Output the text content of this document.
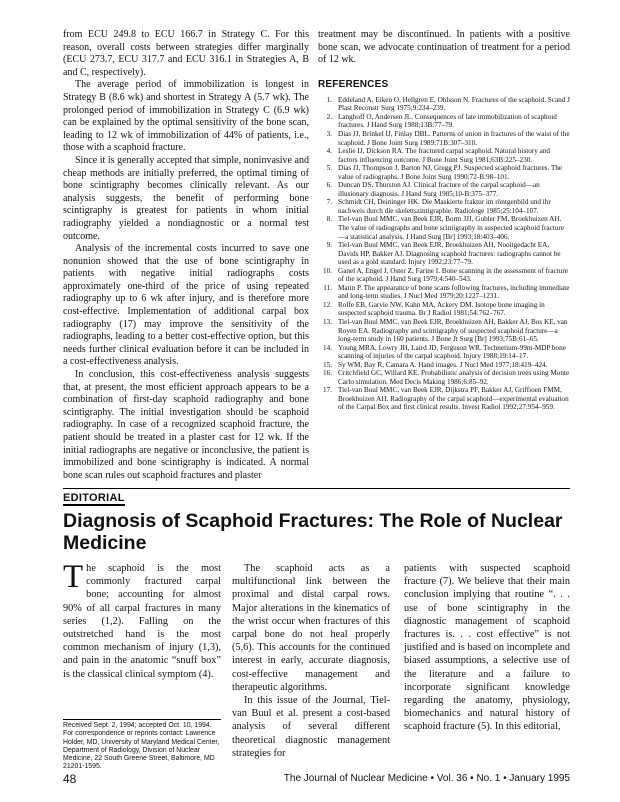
from ECU 249.8 to ECU 166.7 in Strategy C. For this reason, overall costs between strategies differ marginally (ECU 273.7, ECU 317.7 and ECU 316.1 in Strategies A, B and C, respectively).

The average period of immobilization is longest in Strategy B (8.6 wk) and shortest in Strategy A (5.7 wk). The prolonged period of immobilization in Strategy C (6.9 wk) can be explained by the optimal sensitivity of the bone scan, leading to 12 wk of immobilization of 44% of patients, i.e., those with a scaphoid fracture.

Since it is generally accepted that simple, noninvasive and cheap methods are initially preferred, the optimal timing of bone scintigraphy becomes clinically relevant. As our analysis suggests, the benefit of performing bone scintigraphy is greatest for patients in whom initial radiography yielded a nondiagnostic or a normal test outcome.

Analysis of the incremental costs incurred to save one nonunion showed that the use of bone scintigraphy in patients with negative initial radiographs costs approximately one-third of the price of using repeated radiography up to 6 wk after injury, and is therefore more cost-effective. Implementation of additional carpal box radiography (17) may improve the sensitivity of the radiographs, leading to a better cost-effective option, but this needs further clinical evaluation before it can be included in a cost-effectiveness analysis.

In conclusion, this cost-effectiveness analysis suggests that, at present, the most efficient approach appears to be a combination of first-day scaphoid radiography and bone scintigraphy. The initial investigation should be scaphoid radiography. In case of a recognized scaphoid fracture, the patient should be treated in a plaster cast for 12 wk. If the initial radiographs are negative or inconclusive, the patient is immobilized and bone scintigraphy is indicated. A normal bone scan rules out scaphoid fractures and plaster

treatment may be discontinued. In patients with a positive bone scan, we advocate continuation of treatment for a period of 12 wk.

REFERENCES
1. Eddeland A, Eiken O, Hellgren E, Ohlsson N. Fractures of the scaphoid. Scand J Plast Reconstr Surg 1975;9:234–239.
2. Langhoff O, Andersen JL. Consequences of late immobilization of scaphoid fractures. J Hand Surg 1988;13B:77–79.
3. Dias JJ, Brinkel IJ, Finlay DBL. Patterns of union in fractures of the waist of the scaphoid. J Bone Joint Surg 1989;71B:307–310.
4. Leslie IJ, Dickson RA. The fractured carpal scaphoid. Natural history and factors influencing outcome. J Bone Joint Surg 1981;63B:225–230.
5. Dias JJ, Thompson J, Barton NJ, Gregg PJ. Suspected scaphoid fractures. The value of radiographs. J Bone Joint Surg 1990;72-B:98–101.
6. Duncan DS, Thurston AJ. Clinical fracture of the carpal scaphoid—an illusionary diagnosis. J Hand Surg 1985;10-B:375–377.
7. Schmidt CH, Deininger HK. Die Maskierte fraktur im röntgenbild und ihr nachweis durch die skelettszintigraphie. Radiologe 1985;25:104–107.
8. Tiel-van Buul MMC, van Beek EJR, Borm JJJ, Gubler FM, Broekhuizen AH. The value of radiographs and bone scintigraphy in suspected scaphoid fracture—a statistical analysis. J Hand Surg [Br] 1993;18:403–406.
9. Tiel-van Buul MMC, van Beek EJR, Broekhuizen AH, Nooitgedacht EA, Davids HP, Bakker AJ. Diagnosing scaphoid fractures: radiographs cannot be used as a gold standard. Injury 1992;23:77–79.
10. Ganel A, Engel J, Oster Z, Farine I. Bone scanning in the assessment of fracture of the scaphoid. J Hand Surg 1979;4:540–543.
11. Matin P. The appearance of bone scans following fractures, including immediate and long-term studies. J Nucl Med 1979;20:1227–1231.
12. Rolfe EB, Garvie NW, Kahn MA, Ackery DM. Isotope bone imaging in suspected scaphoid trauma. Br J Radiol 1981;54:762–767.
13. Tiel-van Buul MMC, van Beek EJR, Broekhuizen AH, Bakker AJ, Bos KE, van Royen EA. Radiography and scintigraphy of suspected scaphoid fracture—a long-term study in 160 patients. J Bone Jt Surg [Br] 1993;75B:61–65.
14. Young MRA, Lowry JH, Laird JD, Ferguson WR. Technetium-99m-MDP bone scanning of injuries of the carpal scaphoid. Injury 1988;19:14–17.
15. Sy WM, Bay R, Camara A. Hand images. J Nucl Med 1977;18:419–424.
16. Critchfield GC, Willard KE. Probabilistic analysis of decision trees using Monte Carlo simulation. Med Decis Making 1986;6:85–92.
17. Tiel-van Buul MMC, van Beek EJR, Dijkstra PF, Bakker AJ, Griffioen FMM, Broekhuizen AH. Radiography of the carpal scaphoid—experimental evaluation of the Carpal Box and first clinical results. Invest Radiol 1992;27:954–959.
EDITORIAL
Diagnosis of Scaphoid Fractures: The Role of Nuclear Medicine

The scaphoid is the most commonly fractured carpal bone; accounting for almost 90% of all carpal fractures in many series (1,2). Falling on the outstretched hand is the most common mechanism of injury (1,3), and pain in the anatomic “snuff box” is the classical clinical symptom (4).

The scaphoid acts as a multifunctional link between the proximal and distal carpal rows. Major alterations in the kinematics of the wrist occur when fractures of this carpal bone do not heal properly (5,6). This accounts for the continued interest in early, accurate diagnosis, cost-effective management and therapeutic algorithms.

In this issue of the Journal, Tiel-van Buul et al. present a cost-based analysis of several different theoretical diagnostic management strategies for

patients with suspected scaphoid fracture (7). We believe that their main conclusion implying that routine “. . . use of bone scintigraphy in the diagnostic management of scaphoid fractures is. . . cost effective” is not justified and is based on incomplete and biased assumptions, a selective use of the literature and a failure to incorporate significant knowledge regarding the anatomy, physiology, biomechanics and natural history of scaphoid fracture (5). In this editorial,

Received Sept. 2, 1994; accepted Oct. 10, 1994.
For correspondence or reprints contact: Lawrence Holder, MD, University of Maryland Medical Center, Department of Radiology, Division of Nuclear Medicine, 22 South Greene Street, Baltimore, MD 21201-1595.
48	The Journal of Nuclear Medicine • Vol. 36 • No. 1 • January 1995
